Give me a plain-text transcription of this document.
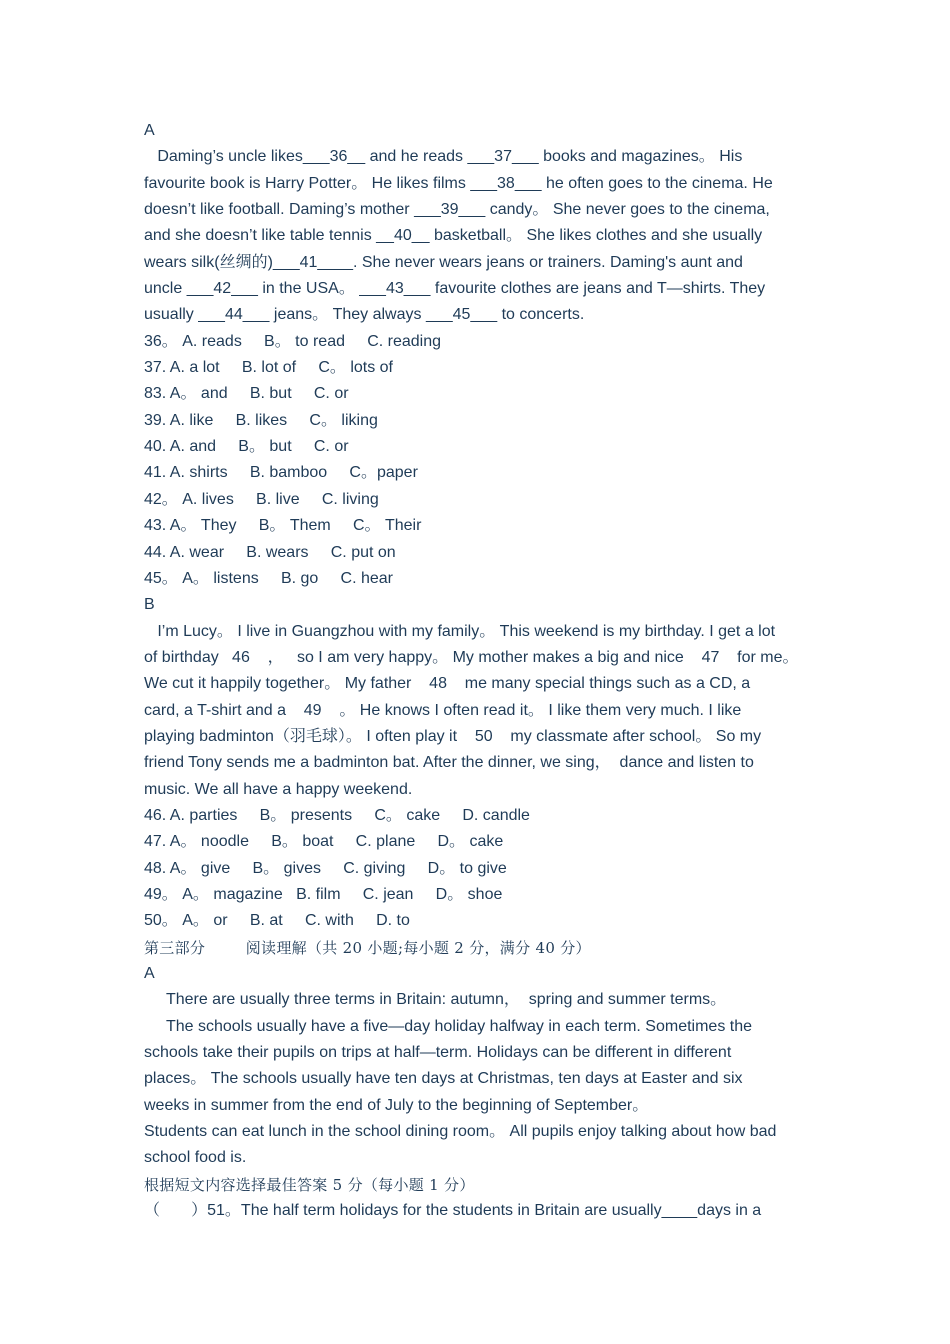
A
Daming’s uncle likes___36__ and he reads ___37___ books and magazines。 His
favourite book is Harry Potter。 He likes films ___38___ he often goes to the cinema. He
doesn’t like football. Daming’s mother ___39___ candy。 She never goes to the cinema,
and she doesn’t like table tennis __40__ basketball。 She likes clothes and she usually
wears silk(丝绸的)___41____. She never wears jeans or trainers. Daming's aunt and
uncle ___42___ in the USA。 ___43___ favourite clothes are jeans and T—shirts. They
usually ___44___ jeans。 They always ___45___ to concerts.
36。 A. reads     B。 to read     C. reading
37. A. a lot     B. lot of     C。 lots of
83. A。 and     B. but     C. or
39. A. like     B. likes     C。 liking
40. A. and     B。 but     C. or
41. A. shirts     B. bamboo     C。paper
42。 A. lives     B. live     C. living
43. A。 They     B。 Them     C。 Their
44. A. wear     B. wears     C. put on
45。 A。 listens     B. go     C. hear
B
I’m Lucy。 I live in Guangzhou with my family。 This weekend is my birthday. I get a lot
of birthday   46    ，   so I am very happy。 My mother makes a big and nice    47    for me。
We cut it happily together。 My father    48    me many special things such as a CD, a
card, a T-shirt and a    49    。 He knows I often read it。 I like them very much. I like
playing badminton（羽毛球）。 I often play it    50    my classmate after school。 So my
friend Tony sends me a badminton bat. After the dinner, we sing，  dance and listen to
music. We all have a happy weekend.
46. A. parties     B。 presents     C。 cake     D. candle
47. A。 noodle     B。 boat     C. plane     D。 cake
48. A。 give     B。 gives     C. giving     D。 to give
49。 A。 magazine   B. film     C. jean     D。 shoe
50。 A。 or     B. at     C. with     D. to
第三部分        阅读理解（共 20 小题;每小题 2 分，满分 40 分）
A
There are usually three terms in Britain: autumn，  spring and summer terms。
The schools usually have a five—day holiday halfway in each term. Sometimes the
schools take their pupils on trips at half—term. Holidays can be different in different
places。 The schools usually have ten days at Christmas, ten days at Easter and six
weeks in summer from the end of July to the beginning of September。
Students can eat lunch in the school dining room。 All pupils enjoy talking about how bad
school food is.
根据短文内容选择最佳答案 5 分（每小题 1 分）
（       ）51。The half term holidays for the students in Britain are usually____days in a
